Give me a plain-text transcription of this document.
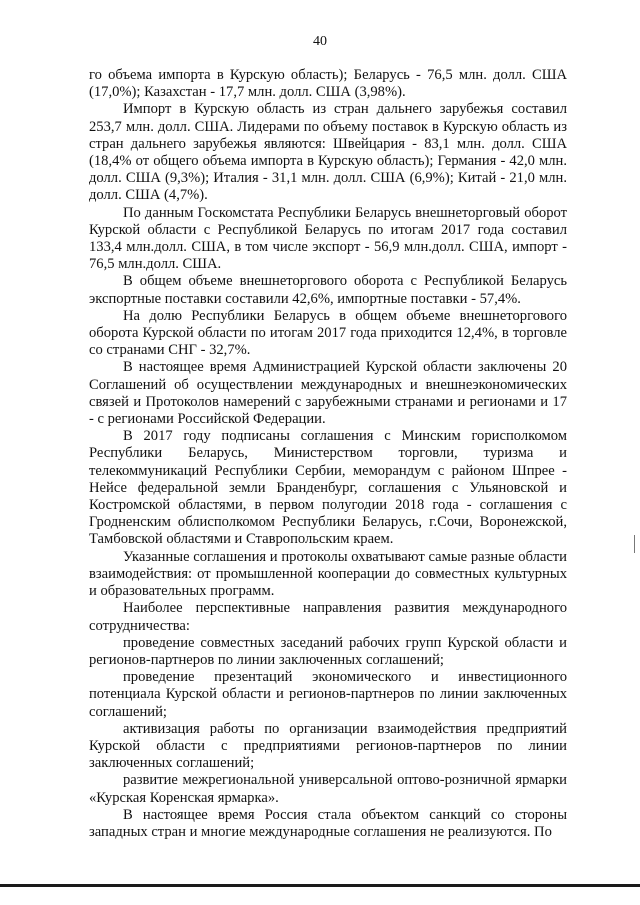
40

го объема импорта в Курскую область); Беларусь - 76,5 млн. долл. США (17,0%); Казахстан - 17,7 млн. долл. США (3,98%).

Импорт в Курскую область из стран дальнего зарубежья составил 253,7 млн. долл. США. Лидерами по объему поставок в Курскую область из стран дальнего зарубежья являются: Швейцария - 83,1 млн. долл. США (18,4% от общего объема импорта в Курскую область); Германия - 42,0 млн. долл. США (9,3%); Италия - 31,1 млн. долл. США (6,9%); Китай - 21,0 млн. долл. США (4,7%).

По данным Госкомстата Республики Беларусь внешнеторговый оборот Курской области с Республикой Беларусь по итогам 2017 года составил 133,4 млн.долл. США, в том числе экспорт - 56,9 млн.долл. США, импорт - 76,5 млн.долл. США.

В общем объеме внешнеторгового оборота с Республикой Беларусь экспортные поставки составили 42,6%, импортные поставки - 57,4%.

На долю Республики Беларусь в общем объеме внешнеторгового оборота Курской области по итогам 2017 года приходится 12,4%, в торговле со странами СНГ - 32,7%.

В настоящее время Администрацией Курской области заключены 20 Соглашений об осуществлении международных и внешнеэкономических связей и Протоколов намерений с зарубежными странами и регионами и 17 - с регионами Российской Федерации.

В 2017 году подписаны соглашения с Минским горисполкомом Республики Беларусь, Министерством торговли, туризма и телекоммуникаций Республики Сербии, меморандум с районом Шпрее - Нейсе федеральной земли Бранденбург, соглашения с Ульяновской и Костромской областями, в первом полугодии 2018 года - соглашения с Гродненским облисполкомом Республики Беларусь, г.Сочи, Воронежской, Тамбовской областями и Ставропольским краем.

Указанные соглашения и протоколы охватывают самые разные области взаимодействия: от промышленной кооперации до совместных культурных и образовательных программ.

Наиболее перспективные направления развития международного сотрудничества:

проведение совместных заседаний рабочих групп Курской области и регионов-партнеров по линии заключенных соглашений;

проведение презентаций экономического и инвестиционного потенциала Курской области и регионов-партнеров по линии заключенных соглашений;

активизация работы по организации взаимодействия предприятий Курской области с предприятиями регионов-партнеров по линии заключенных соглашений;

развитие межрегиональной универсальной оптово-розничной ярмарки «Курская Коренская ярмарка».

В настоящее время Россия стала объектом санкций со стороны западных стран и многие международные соглашения не реализуются. По
